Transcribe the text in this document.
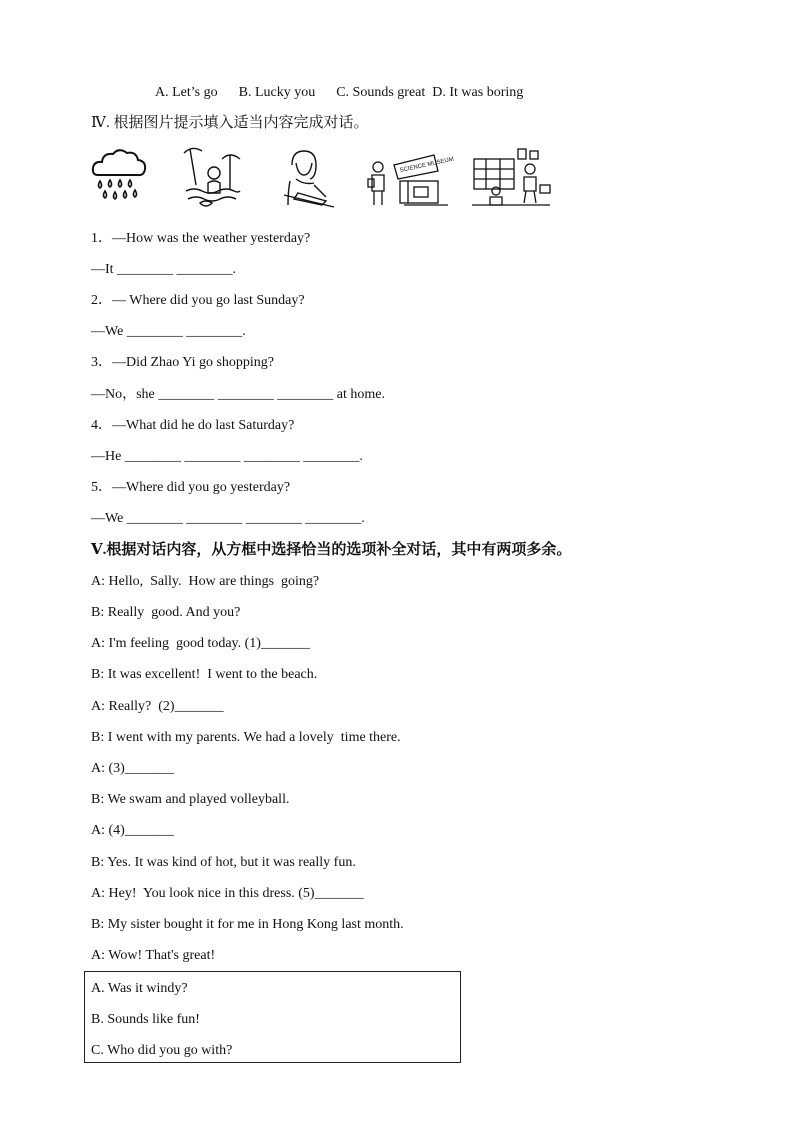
A. Let’s go      B. Lucky you      C. Sounds great  D. It was boring
Ⅳ. 根据图片提示填入适当内容完成对话。
SCIENCE MUSEUM
1．—How was the weather yesterday?
—It ________ ________.
2．— Where did you go last Sunday?
—We ________ ________.
3．—Did Zhao Yi go shopping?
—No，she ________ ________ ________ at home.
4．—What did he do last Saturday?
—He ________ ________ ________ ________.
5．—Where did you go yesterday?
—We ________ ________ ________ ________.
Ⅴ.根据对话内容，从方框中选择恰当的选项补全对话，其中有两项多余。
A: Hello,  Sally.  How are things  going?
B: Really  good. And you?
A: I'm feeling  good today. (1)_______
B: It was excellent!  I went to the beach.
A: Really?  (2)_______
B: I went with my parents. We had a lovely  time there.
A: (3)_______
B: We swam and played volleyball.
A: (4)_______
B: Yes. It was kind of hot, but it was really fun.
A: Hey!  You look nice in this dress. (5)_______
B: My sister bought it for me in Hong Kong last month.
A: Wow! That's great!
A. Was it windy?
B. Sounds like fun!
C. Who did you go with?
